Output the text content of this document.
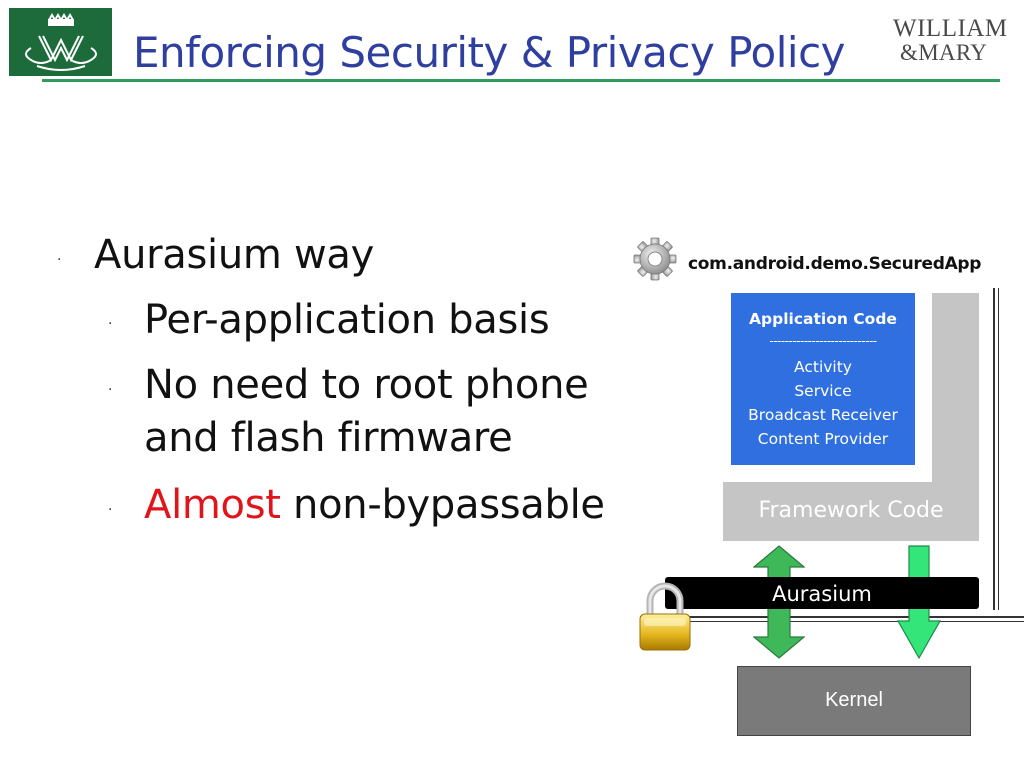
Enforcing Security & Privacy Policy WILLIAM
&MARY
· Aurasium way
· Per-application basis
· No need to root phone
and flash firmware
· Almost non-bypassable
com.android.demo.SecuredApp
Framework Code
Application Code
----------------------------
Activity
Service
Broadcast Receiver
Content Provider
Aurasium
Kernel
